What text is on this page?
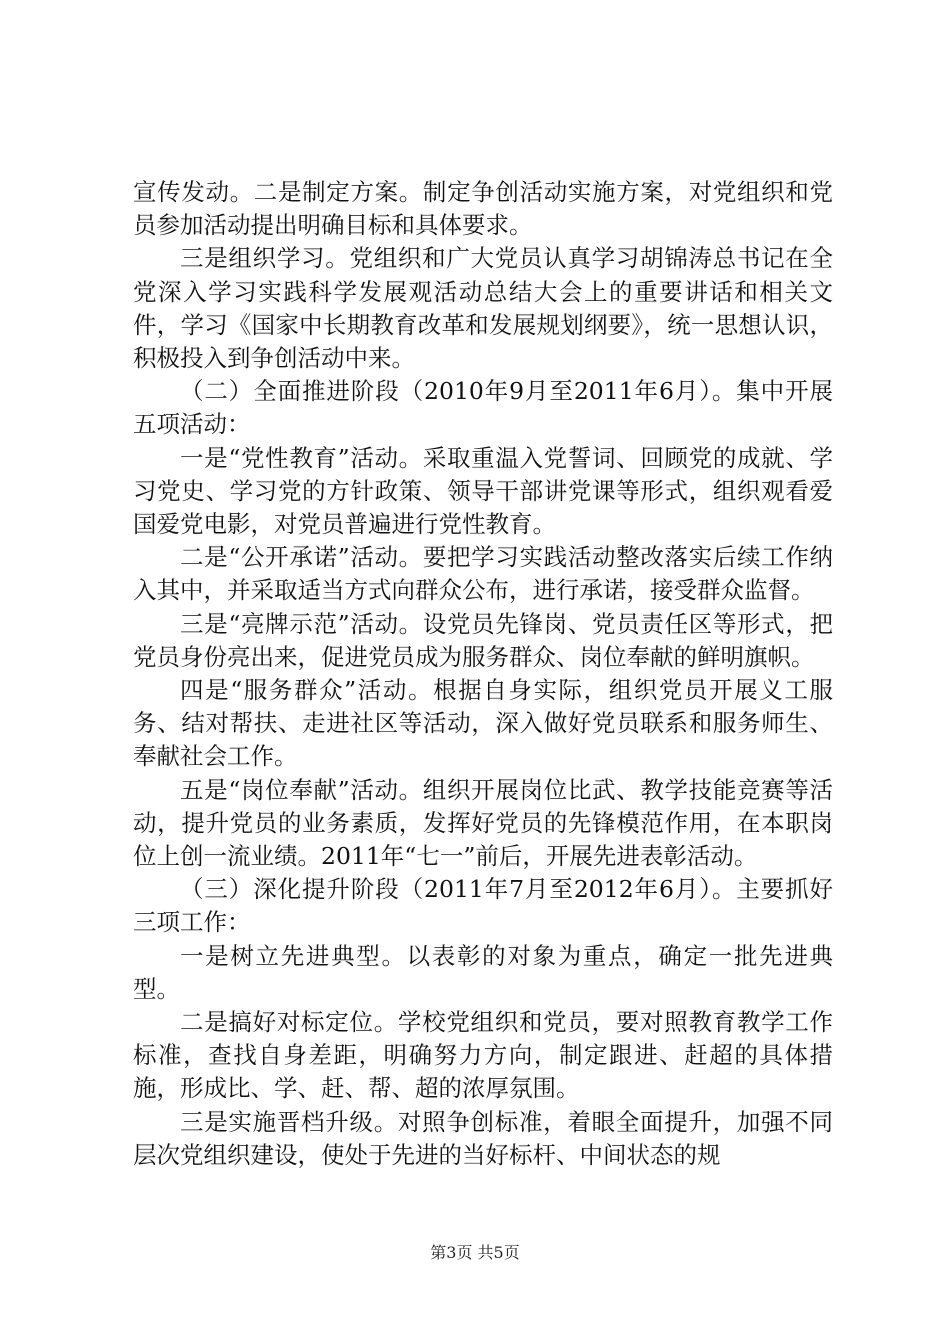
宣传发动。二是制定方案。制定争创活动实施方案，对党组织和党员参加活动提出明确目标和具体要求。

三是组织学习。党组织和广大党员认真学习胡锦涛总书记在全党深入学习实践科学发展观活动总结大会上的重要讲话和相关文件，学习《国家中长期教育改革和发展规划纲要》，统一思想认识，积极投入到争创活动中来。

（二）全面推进阶段（2010年9月至2011年6月）。集中开展五项活动：

一是“党性教育”活动。采取重温入党誓词、回顾党的成就、学习党史、学习党的方针政策、领导干部讲党课等形式，组织观看爱国爱党电影，对党员普遍进行党性教育。

二是“公开承诺”活动。要把学习实践活动整改落实后续工作纳入其中，并采取适当方式向群众公布，进行承诺，接受群众监督。

三是“亮牌示范”活动。设党员先锋岗、党员责任区等形式，把党员身份亮出来，促进党员成为服务群众、岗位奉献的鲜明旗帜。

四是“服务群众”活动。根据自身实际，组织党员开展义工服务、结对帮扶、走进社区等活动，深入做好党员联系和服务师生、奉献社会工作。

五是“岗位奉献”活动。组织开展岗位比武、教学技能竞赛等活动，提升党员的业务素质，发挥好党员的先锋模范作用，在本职岗位上创一流业绩。2011年“七一”前后，开展先进表彰活动。

（三）深化提升阶段（2011年7月至2012年6月）。主要抓好三项工作：

一是树立先进典型。以表彰的对象为重点，确定一批先进典型。

二是搞好对标定位。学校党组织和党员，要对照教育教学工作标准，查找自身差距，明确努力方向，制定跟进、赶超的具体措施，形成比、学、赶、帮、超的浓厚氛围。

三是实施晋档升级。对照争创标准，着眼全面提升，加强不同层次党组织建设，使处于先进的当好标杆、中间状态的规

第3页 共5页
